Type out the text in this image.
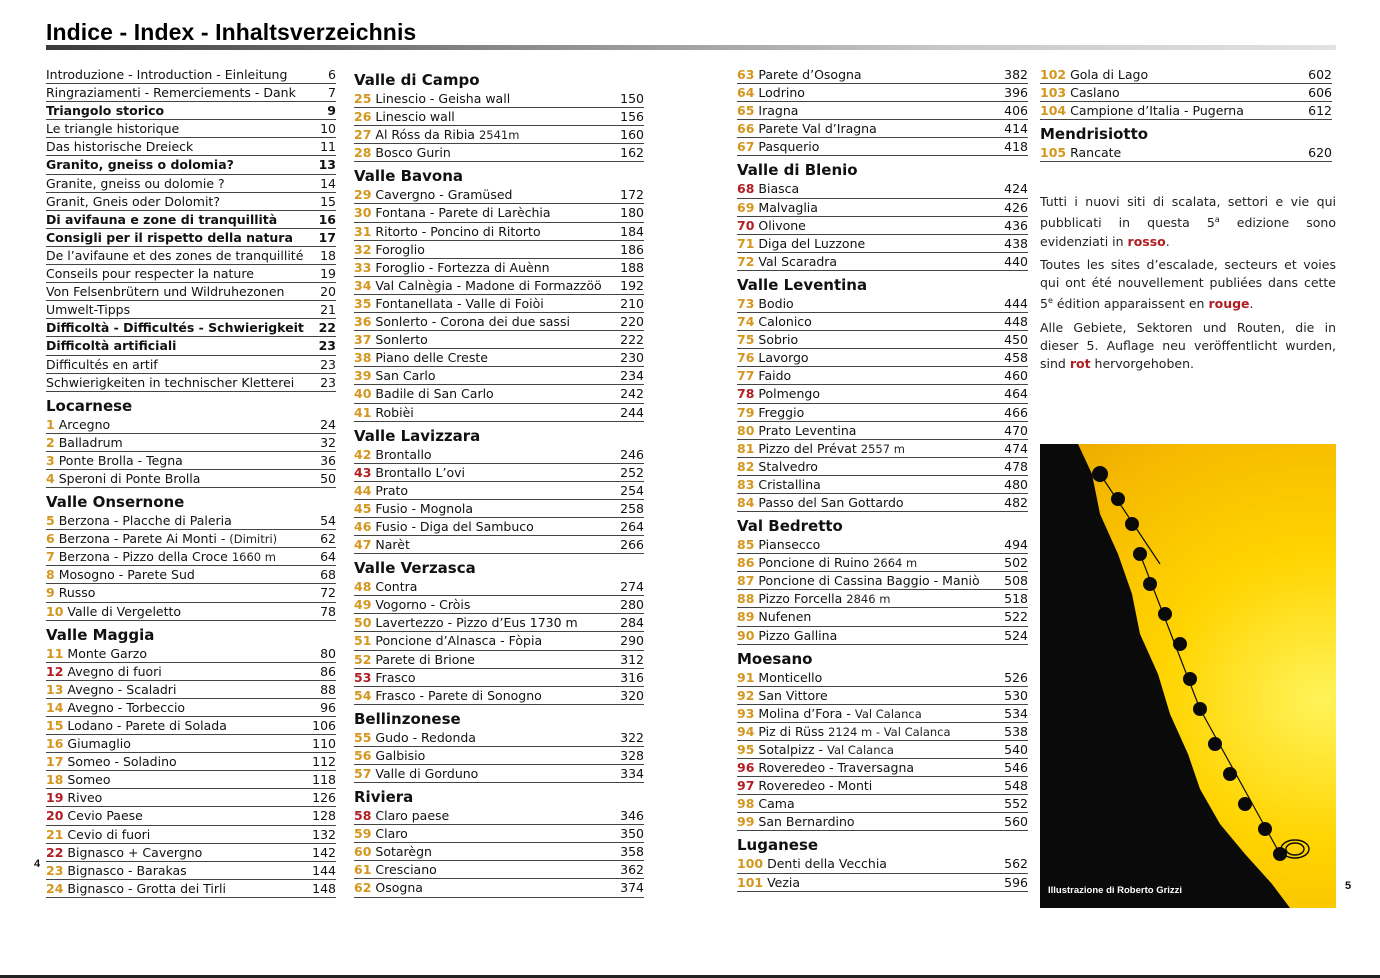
Indice - Index - Inhaltsverzeichnis
Introduzione - Introduction - Einleitung	6
Ringraziamenti - Remerciements - Dank	7
Triangolo storico	9
Le triangle historique	10
Das historische Dreieck	11
Granito, gneiss o dolomia?	13
Granite, gneiss ou dolomie ?	14
Granit, Gneis oder Dolomit?	15
Di avifauna e zone di tranquillità	16
Consigli per il rispetto della natura 17
De l’avifaune et des zones de tranquillité 18
Conseils pour respecter la nature	19
Von Felsenbrütern und Wildruhezonen	20
Umwelt-Tipps	21
Difficoltà - Difficultés - Schwierigkeit 22
Difficoltà artificiali	23
Difficultés en artif	23
Schwierigkeiten in technischer Kletterei 23
Locarnese
1 Arcegno	24
2 Balladrum	32
3 Ponte Brolla - Tegna	36
4 Speroni di Ponte Brolla	50
Valle Onsernone
5 Berzona - Placche di Paleria	54
6 Berzona - Parete Ai Monti - (Dimitri)	62
7 Berzona - Pizzo della Croce 1660 m	64
8 Mosogno - Parete Sud	68
9 Russo	72
10 Valle di Vergeletto	78
Valle Maggia
11 Monte Garzo	80
12 Avegno di fuori	86
13 Avegno - Scaladri	88
14 Avegno - Torbeccio	96
15 Lodano - Parete di Solada	106
16 Giumaglio	110
17 Someo - Soladino	112
18 Someo	118
19 Riveo	126
20 Cevio Paese	128
21 Cevio di fuori	132
22 Bignasco + Cavergno	142
23 Bignasco - Barakas	144
24 Bignasco - Grotta dei Tirli	148
Valle di Campo
25 Linescio - Geisha wall	150
26 Linescio wall	156
27 Al Róss da Ribia 2541m	160
28 Bosco Gurin	162
Valle Bavona
29 Cavergno - Gramüsed	172
30 Fontana - Parete di Larèchia	180
31 Ritorto - Poncino di Ritorto	184
32 Foroglio	186
33 Foroglio - Fortezza di Auènn	188
34 Val Calnègia - Madone di Formazzöö 192
35 Fontanellata - Valle di Foiòi	210
36 Sonlerto - Corona dei due sassi	220
37 Sonlerto	222
38 Piano delle Creste	230
39 San Carlo	234
40 Badile di San Carlo	242
41 Robièi	244
Valle Lavizzara
42 Brontallo	246
43 Brontallo L’ovi	252
44 Prato	254
45 Fusio - Mognola	258
46 Fusio - Diga del Sambuco	264
47 Narèt	266
Valle Verzasca
48 Contra	274
49 Vogorno - Cròis	280
50 Lavertezzo - Pizzo d’Eus 1730 m	284
51 Poncione d’Alnasca - Fòpia	290
52 Parete di Brione	312
53 Frasco	316
54 Frasco - Parete di Sonogno	320
Bellinzonese
55 Gudo - Redonda	322
56 Galbisio	328
57 Valle di Gorduno	334
Riviera
58 Claro paese	346
59 Claro	350
60 Sotarègn	358
61 Cresciano	362
62 Osogna	374
63 Parete d’Osogna	382
64 Lodrino	396
65 Iragna	406
66 Parete Val d’Iragna	414
67 Pasquerio	418
Valle di Blenio
68 Biasca	424
69 Malvaglia	426
70 Olivone	436
71 Diga del Luzzone	438
72 Val Scaradra	440
Valle Leventina
73 Bodio	444
74 Calonico	448
75 Sobrio	450
76 Lavorgo	458
77 Faido	460
78 Polmengo	464
79 Freggio	466
80 Prato Leventina	470
81 Pizzo del Prévat 2557 m	474
82 Stalvedro	478
83 Cristallina	480
84 Passo del San Gottardo	482
Val Bedretto
85 Piansecco	494
86 Poncione di Ruino 2664 m	502
87 Poncione di Cassina Baggio - Maniò 508
88 Pizzo Forcella 2846 m	518
89 Nufenen	522
90 Pizzo Gallina	524
Moesano
91 Monticello	526
92 San Vittore	530
93 Molina d’Fora - Val Calanca	534
94 Piz di Rüss 2124 m - Val Calanca	538
95 Sotalpizz - Val Calanca	540
96 Roveredeo - Traversagna	546
97 Roveredeo - Monti	548
98 Cama	552
99 San Bernardino	560
Luganese
100 Denti della Vecchia	562
101 Vezia	596
102 Gola di Lago	602
103 Caslano	606
104 Campione d’Italia - Pugerna	612
Mendrisiotto
105 Rancate	620

Tutti i nuovi siti di scalata, settori e vie qui pubblicati in questa 5$^a$ edizione sono evidenziati in rosso.

Toutes les sites d’escalade, secteurs et voies qui ont été nouvellement publiées dans cette 5e édition apparaissent en rouge.

Alle Gebiete, Sektoren und Routen, die in dieser 5. Auflage neu veröffentlicht wurden, sind rot hervorgehoben.

Illustrazione di Roberto Grizzi
4
5
